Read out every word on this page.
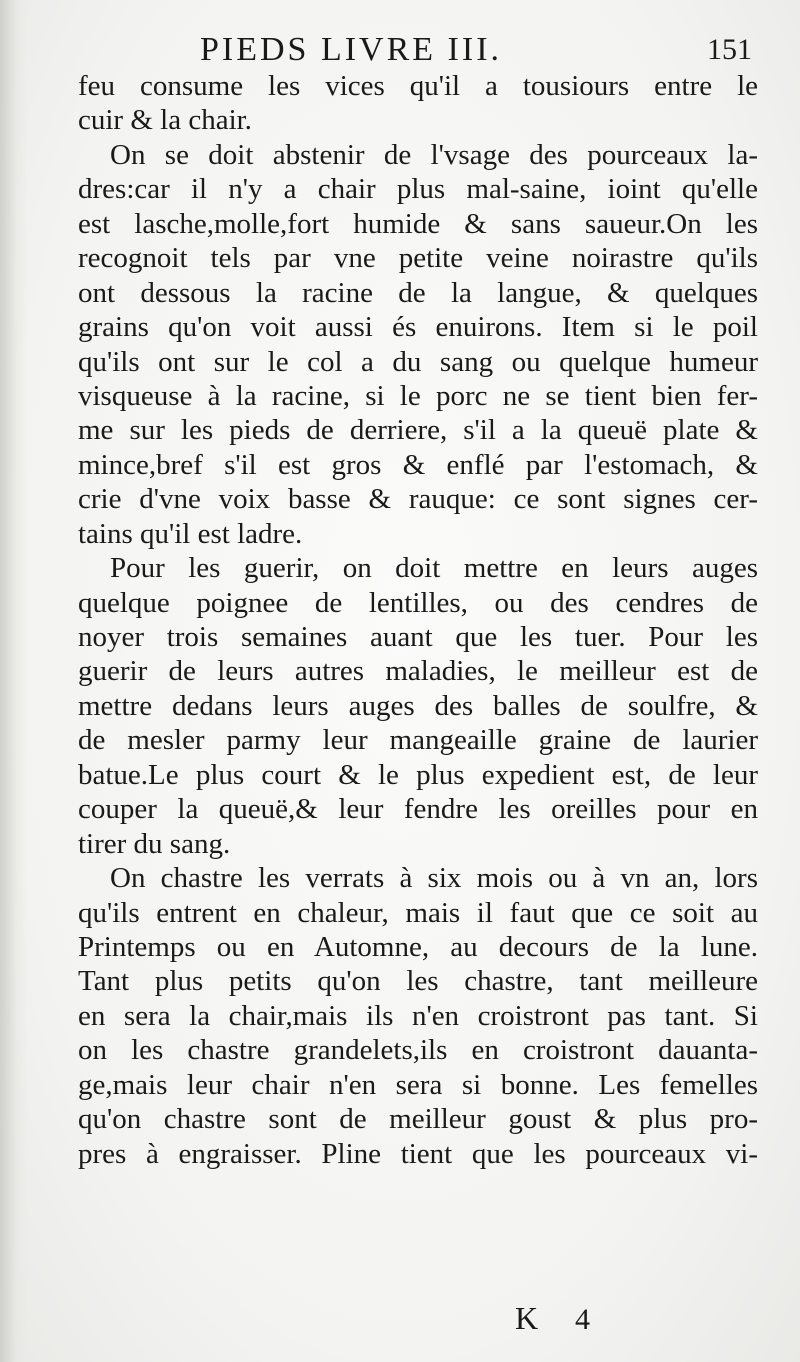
PIEDS LIVRE III.	151
feu consume les vices qu'il a tousiours entre le
cuir & la chair.
On se doit abstenir de l'vsage des pourceaux la-
dres:car il n'y a chair plus mal-saine, ioint qu'elle
est lasche,molle,fort humide & sans saueur.On les
recognoit tels par vne petite veine noirastre qu'ils
ont dessous la racine de la langue, & quelques
grains qu'on voit aussi és enuirons. Item si le poil
qu'ils ont sur le col a du sang ou quelque humeur
visqueuse à la racine, si le porc ne se tient bien fer-
me sur les pieds de derriere, s'il a la queuë plate &
mince,bref s'il est gros & enflé par l'estomach, &
crie d'vne voix basse & rauque: ce sont signes cer-
tains qu'il est ladre.
Pour les guerir, on doit mettre en leurs auges
quelque poignee de lentilles, ou des cendres de
noyer trois semaines auant que les tuer. Pour les
guerir de leurs autres maladies, le meilleur est de
mettre dedans leurs auges des balles de soulfre, &
de mesler parmy leur mangeaille graine de laurier
batue.Le plus court & le plus expedient est, de leur
couper la queuë,& leur fendre les oreilles pour en
tirer du sang.
On chastre les verrats à six mois ou à vn an, lors
qu'ils entrent en chaleur, mais il faut que ce soit au
Printemps ou en Automne, au decours de la lune.
Tant plus petits qu'on les chastre, tant meilleure
en sera la chair,mais ils n'en croistront pas tant. Si
on les chastre grandelets,ils en croistront dauanta-
ge,mais leur chair n'en sera si bonne. Les femelles
qu'on chastre sont de meilleur goust & plus pro-
pres à engraisser. Pline tient que les pourceaux vi-
K 4
